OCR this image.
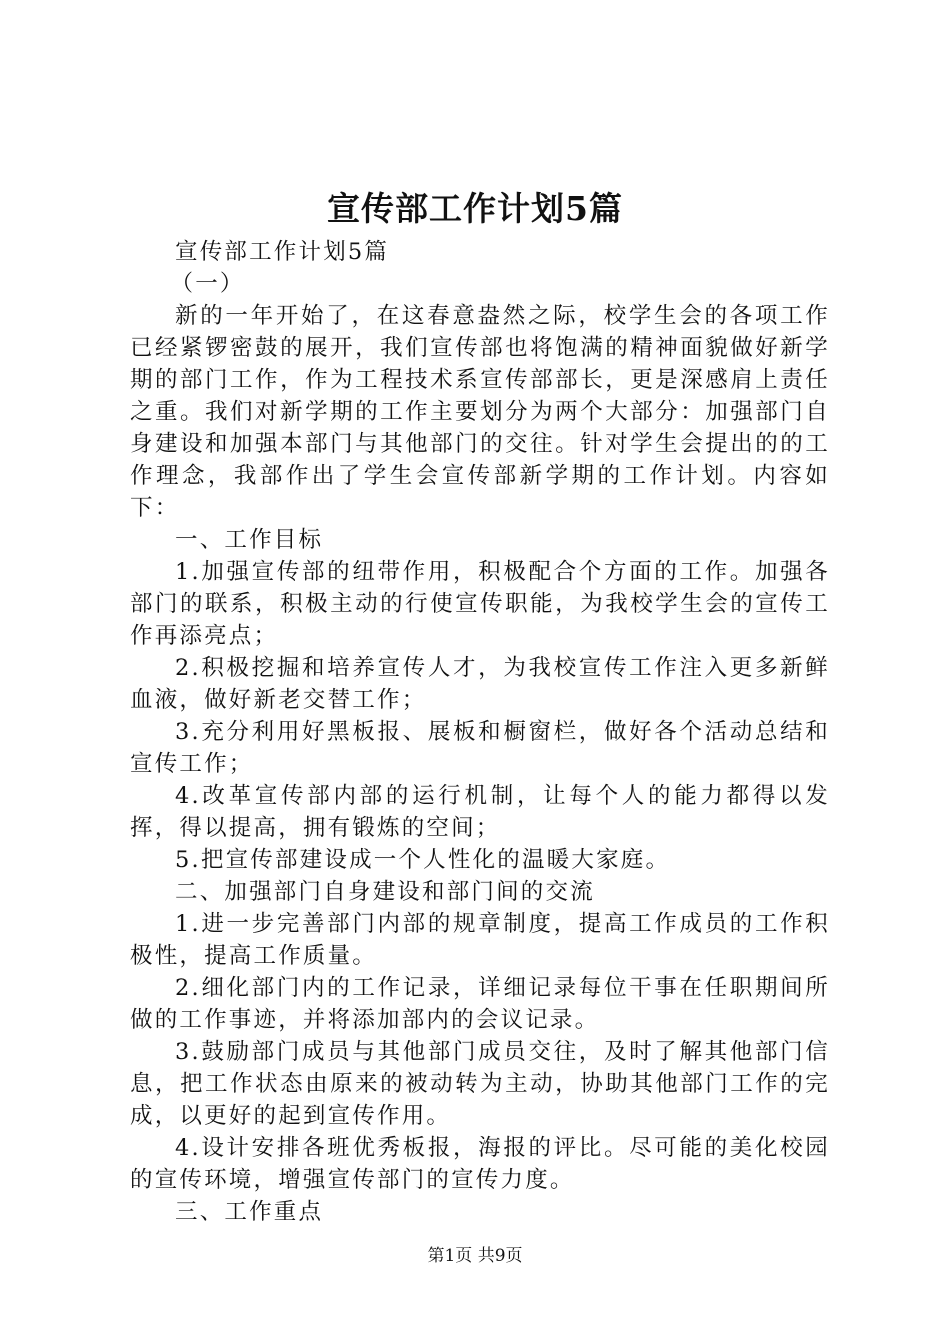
宣传部工作计划5篇

宣传部工作计划5篇

（一）

新的一年开始了，在这春意盎然之际，校学生会的各项工作已经紧锣密鼓的展开，我们宣传部也将饱满的精神面貌做好新学期的部门工作，作为工程技术系宣传部部长，更是深感肩上责任之重。我们对新学期的工作主要划分为两个大部分：加强部门自身建设和加强本部门与其他部门的交往。针对学生会提出的的工作理念，我部作出了学生会宣传部新学期的工作计划。内容如下：

一、工作目标

1.加强宣传部的纽带作用，积极配合个方面的工作。加强各部门的联系，积极主动的行使宣传职能，为我校学生会的宣传工作再添亮点；

2.积极挖掘和培养宣传人才，为我校宣传工作注入更多新鲜血液，做好新老交替工作；

3.充分利用好黑板报、展板和橱窗栏，做好各个活动总结和宣传工作；

4.改革宣传部内部的运行机制，让每个人的能力都得以发挥，得以提高，拥有锻炼的空间；

5.把宣传部建设成一个人性化的温暖大家庭。

二、加强部门自身建设和部门间的交流

1.进一步完善部门内部的规章制度，提高工作成员的工作积极性，提高工作质量。

2.细化部门内的工作记录，详细记录每位干事在任职期间所做的工作事迹，并将添加部内的会议记录。

3.鼓励部门成员与其他部门成员交往，及时了解其他部门信息，把工作状态由原来的被动转为主动，协助其他部门工作的完成，以更好的起到宣传作用。

4.设计安排各班优秀板报，海报的评比。尽可能的美化校园的宣传环境，增强宣传部门的宣传力度。

三、工作重点

第1页 共9页
